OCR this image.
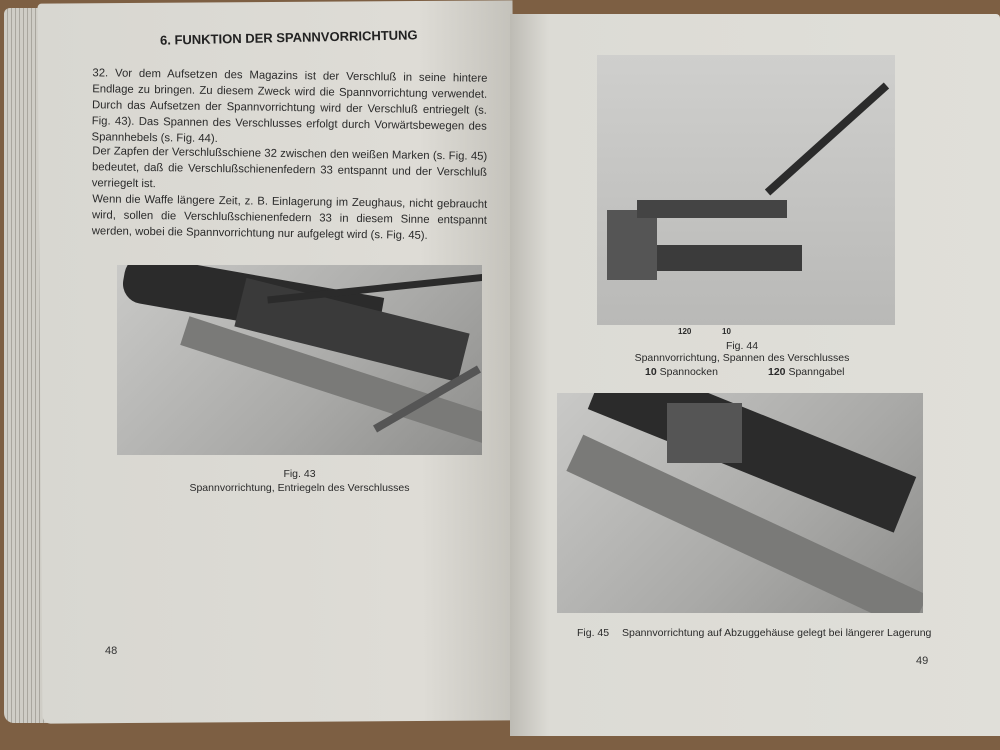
6. FUNKTION DER SPANNVORRICHTUNG
32. Vor dem Aufsetzen des Magazins ist der Verschluß in seine hintere Endlage zu bringen. Zu diesem Zweck wird die Spannvorrichtung verwendet. Durch das Aufsetzen der Spannvorrichtung wird der Verschluß entriegelt (s. Fig. 43). Das Spannen des Verschlusses erfolgt durch Vorwärtsbewegen des Spannhebels (s. Fig. 44).
Der Zapfen der Verschlußschiene 32 zwischen den weißen Marken (s. Fig. 45) bedeutet, daß die Verschlußschienenfedern 33 entspannt und der Verschluß verriegelt ist.
Wenn die Waffe längere Zeit, z. B. Einlagerung im Zeughaus, nicht gebraucht wird, sollen die Verschlußschienenfedern 33 in diesem Sinne entspannt werden, wobei die Spannvorrichtung nur aufgelegt wird (s. Fig. 45).
Fig. 43
Spannvorrichtung, Entriegeln des Verschlusses
48
120	10
Fig. 44
Spannvorrichtung, Spannen des Verschlusses
10 Spannocken	120 Spanngabel
Fig. 45 Spannvorrichtung auf Abzuggehäuse gelegt bei längerer Lagerung
49
